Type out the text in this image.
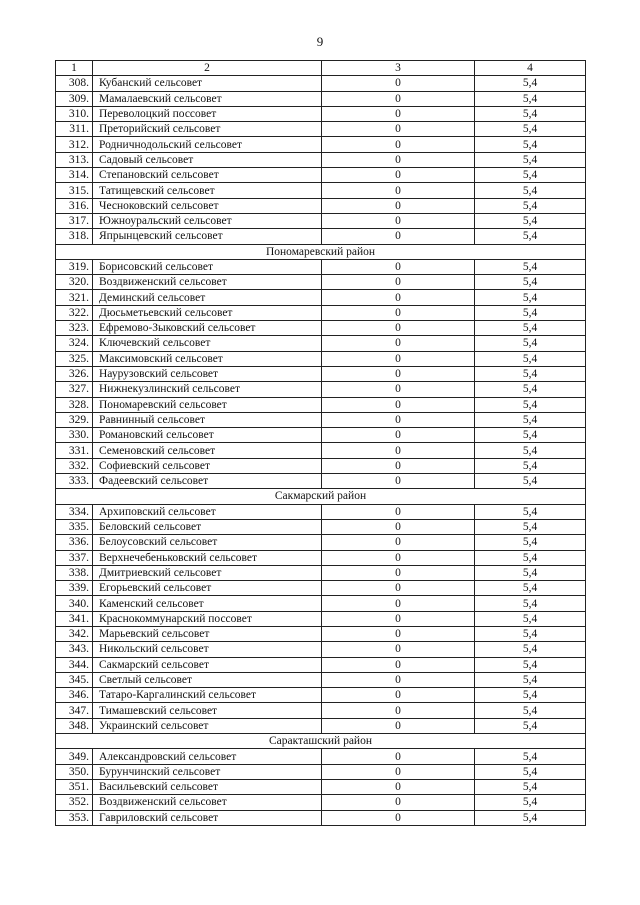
9
1	2	3	4
308.	Кубанский сельсовет	0	5,4
309.	Мамалаевский сельсовет	0	5,4
310.	Переволоцкий поссовет	0	5,4
311.	Преторийский сельсовет	0	5,4
312.	Родничнодольский сельсовет	0	5,4
313.	Садовый сельсовет	0	5,4
314.	Степановский сельсовет	0	5,4
315.	Татищевский сельсовет	0	5,4
316.	Чесноковский сельсовет	0	5,4
317.	Южноуральский сельсовет	0	5,4
318.	Япрынцевский сельсовет	0	5,4
Пономаревский район			
319.	Борисовский сельсовет	0	5,4
320.	Воздвиженский сельсовет	0	5,4
321.	Деминский сельсовет	0	5,4
322.	Дюсьметьевский сельсовет	0	5,4
323.	Ефремово-Зыковский сельсовет	0	5,4
324.	Ключевский сельсовет	0	5,4
325.	Максимовский сельсовет	0	5,4
326.	Наурузовский сельсовет	0	5,4
327.	Нижнекузлинский сельсовет	0	5,4
328.	Пономаревский сельсовет	0	5,4
329.	Равнинный сельсовет	0	5,4
330.	Романовский сельсовет	0	5,4
331.	Семеновский сельсовет	0	5,4
332.	Софиевский сельсовет	0	5,4
333.	Фадеевский сельсовет	0	5,4
Сакмарский район			
334.	Архиповский сельсовет	0	5,4
335.	Беловский сельсовет	0	5,4
336.	Белоусовский сельсовет	0	5,4
337.	Верхнечебеньковский сельсовет	0	5,4
338.	Дмитриевский сельсовет	0	5,4
339.	Егорьевский сельсовет	0	5,4
340.	Каменский сельсовет	0	5,4
341.	Краснокоммунарский поссовет	0	5,4
342.	Марьевский сельсовет	0	5,4
343.	Никольский сельсовет	0	5,4
344.	Сакмарский сельсовет	0	5,4
345.	Светлый сельсовет	0	5,4
346.	Татаро-Каргалинский сельсовет	0	5,4
347.	Тимашевский сельсовет	0	5,4
348.	Украинский сельсовет	0	5,4
Саракташский район			
349.	Александровский сельсовет	0	5,4
350.	Бурунчинский сельсовет	0	5,4
351.	Васильевский сельсовет	0	5,4
352.	Воздвиженский сельсовет	0	5,4
353.	Гавриловский сельсовет	0	5,4
